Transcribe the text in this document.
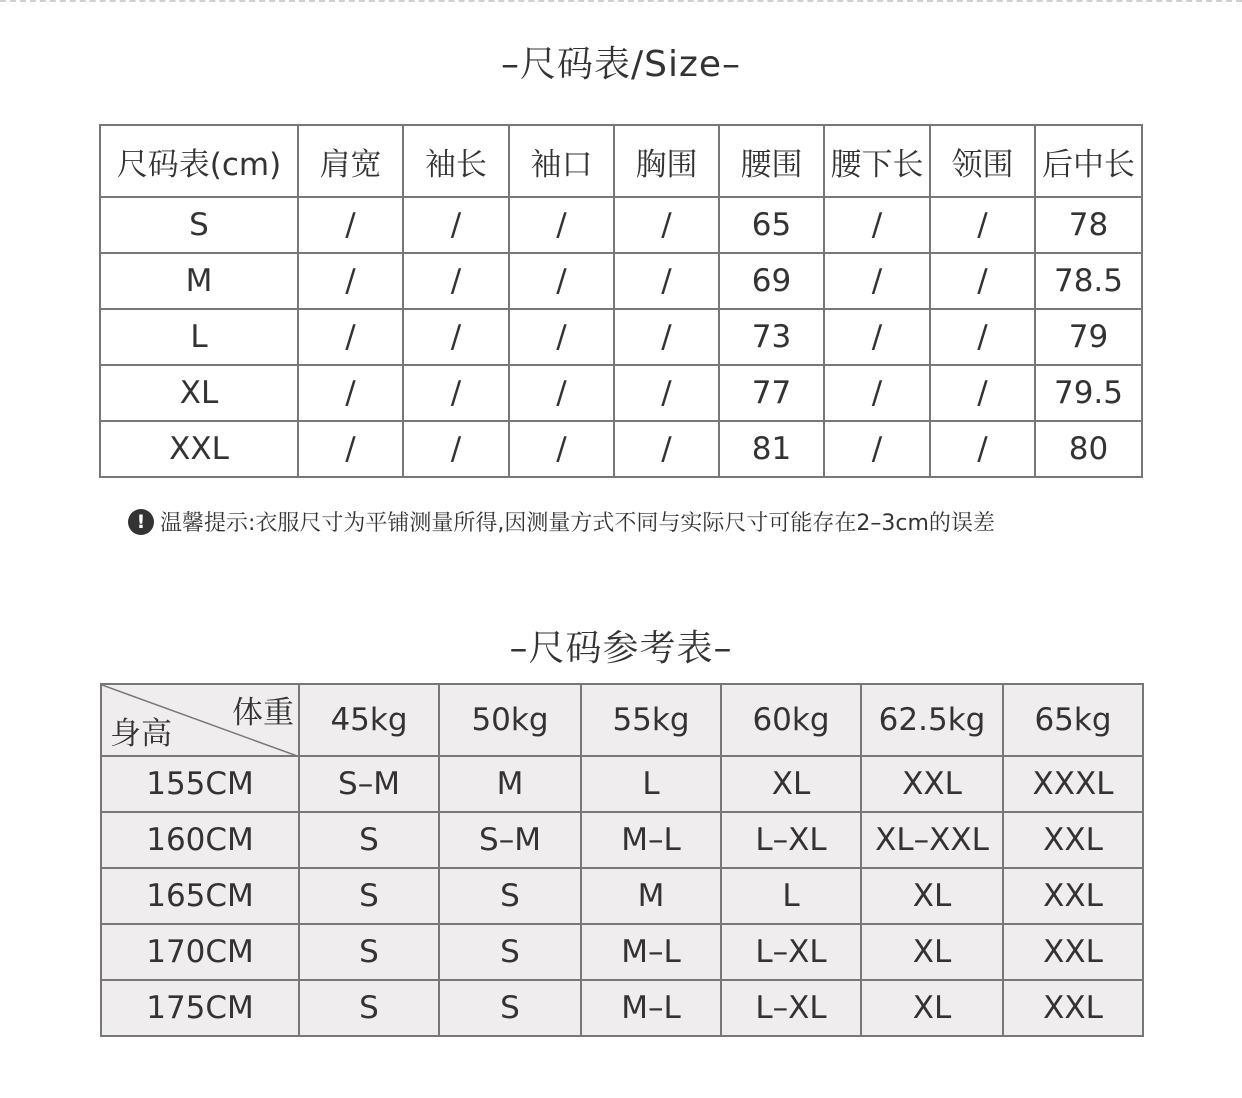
–尺码表/Size–
尺码表(cm)	肩宽	袖长	袖口	胸围	腰围	腰下长	领围	后中长
S	/	/	/	/	65	/	/	78
M	/	/	/	/	69	/	/	78.5
L	/	/	/	/	73	/	/	79
XL	/	/	/	/	77	/	/	79.5
XXL	/	/	/	/	81	/	/	80
! 温馨提示:衣服尺寸为平铺测量所得,因测量方式不同与实际尺寸可能存在2–3cm的误差
–尺码参考表–
体重
身高	45kg	50kg	55kg	60kg	62.5kg	65kg
155CM	S–M	M	L	XL	XXL	XXXL
160CM	S	S–M	M–L	L–XL	XL–XXL	XXL
165CM	S	S	M	L	XL	XXL
170CM	S	S	M–L	L–XL	XL	XXL
175CM	S	S	M–L	L–XL	XL	XXL
